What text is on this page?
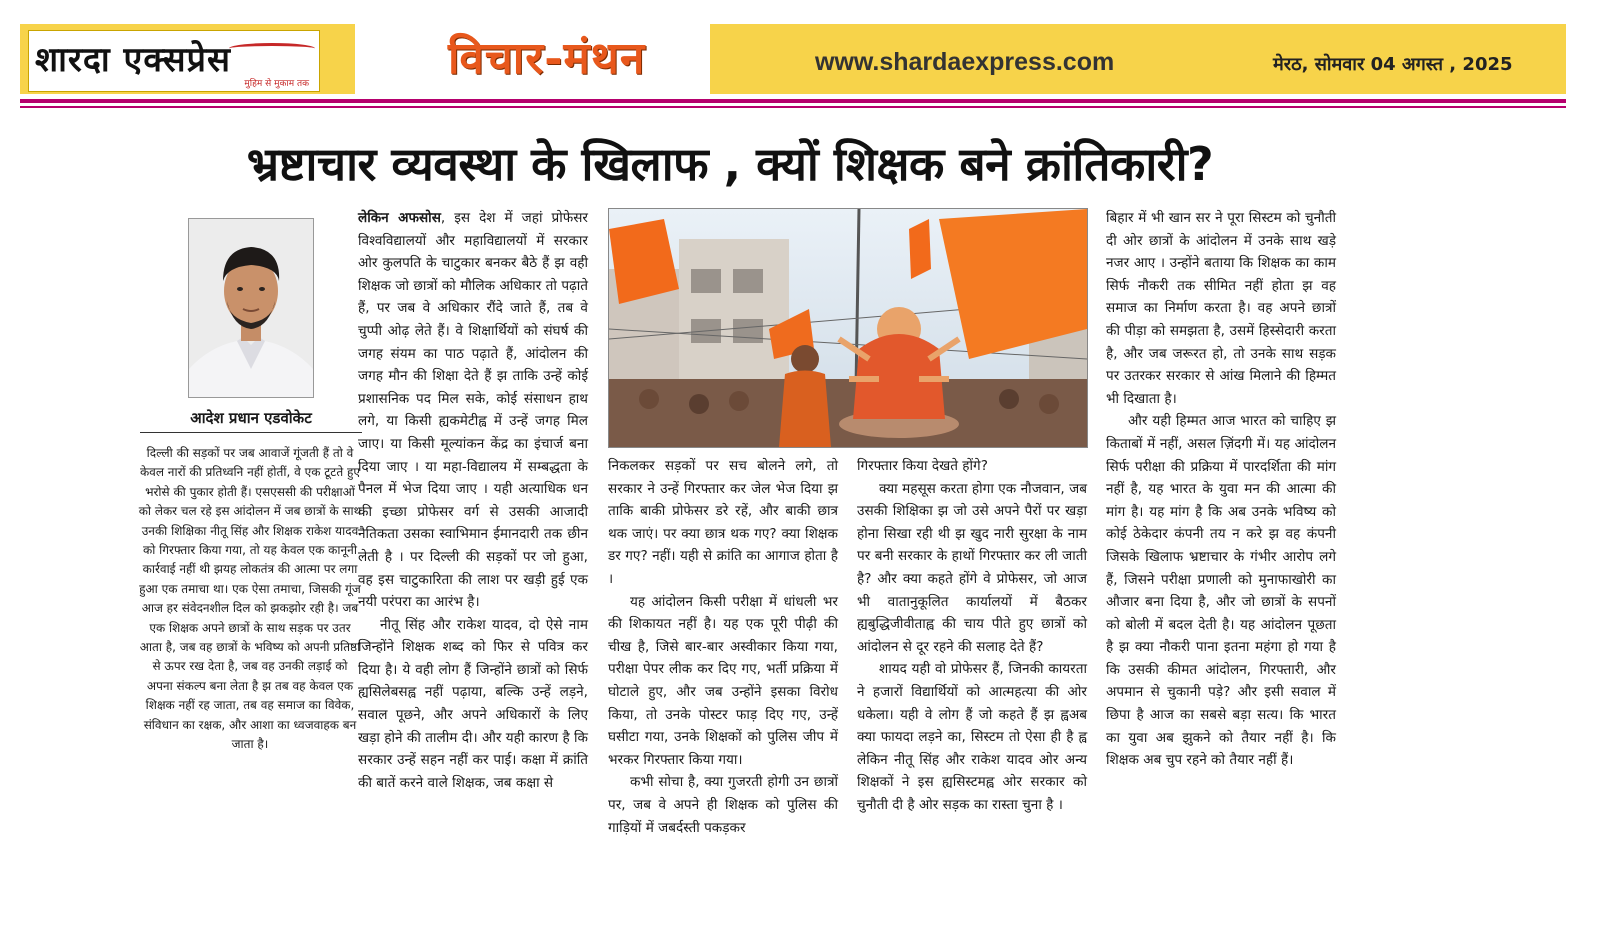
शारदा एक्सप्रेस
मुहिम से मुकाम तक	विचार-मंथन	www.shardaexpress.com	मेरठ, सोमवार 04 अगस्त , 2025
भ्रष्टाचार व्यवस्था के खिलाफ , क्यों शिक्षक बने क्रांतिकारी?
आदेश प्रधान एडवोकेट

दिल्ली की सड़कों पर जब आवाजें गूंजती हैं तो वे केवल नारों की प्रतिध्वनि नहीं होतीं, वे एक टूटते हुए भरोसे की पुकार होती हैं। एसएससी की परीक्षाओं को लेकर चल रहे इस आंदोलन में जब छात्रों के साथ उनकी शिक्षिका नीतू सिंह और शिक्षक राकेश यादव को गिरफ्तार किया गया, तो यह केवल एक कानूनी कार्रवाई नहीं थी झयह लोकतंत्र की आत्मा पर लगा हुआ एक तमाचा था। एक ऐसा तमाचा, जिसकी गूंज आज हर संवेदनशील दिल को झकझोर रही है। जब एक शिक्षक अपने छात्रों के साथ सड़क पर उतर आता है, जब वह छात्रों के भविष्य को अपनी प्रतिष्ठा से ऊपर रख देता है, जब वह उनकी लड़ाई को अपना संकल्प बना लेता है झ तब वह केवल एक शिक्षक नहीं रह जाता, तब वह समाज का विवेक, संविधान का रक्षक, और आशा का ध्वजवाहक बन जाता है।

लेकिन अफसोस, इस देश में जहां प्रोफेसर विश्वविद्यालयों और महाविद्यालयों में सरकार ओर कुलपति के चाटुकार बनकर बैठे हैं झ वही शिक्षक जो छात्रों को मौलिक अधिकार तो पढ़ाते हैं, पर जब वे अधिकार रौंदे जाते हैं, तब वे चुप्पी ओढ़ लेते हैं। वे शिक्षार्थियों को संघर्ष की जगह संयम का पाठ पढ़ाते हैं, आंदोलन की जगह मौन की शिक्षा देते हैं झ ताकि उन्हें कोई प्रशासनिक पद मिल सके, कोई संसाधन हाथ लगे, या किसी ह्यकमेटीह्व में उन्हें जगह मिल जाए। या किसी मूल्यांकन केंद्र का इंचार्ज बना दिया जाए । या महा-विद्यालय में सम्बद्धता के पैनल में भेज दिया जाए । यही अत्याधिक धन की इच्छा प्रोफेसर वर्ग से उसकी आजादी नैतिकता उसका स्वाभिमान ईमानदारी तक छीन लेती है । पर दिल्ली की सड़कों पर जो हुआ, वह इस चाटुकारिता की लाश पर खड़ी हुई एक नयी परंपरा का आरंभ है।

नीतू सिंह और राकेश यादव, दो ऐसे नाम जिन्होंने शिक्षक शब्द को फिर से पवित्र कर दिया है। ये वही लोग हैं जिन्होंने छात्रों को सिर्फ ह्यसिलेबसह्व नहीं पढ़ाया, बल्कि उन्हें लड़ने, सवाल पूछने, और अपने अधिकारों के लिए खड़ा होने की तालीम दी। और यही कारण है कि सरकार उन्हें सहन नहीं कर पाई। कक्षा में क्रांति की बातें करने वाले शिक्षक, जब कक्षा से

निकलकर सड़कों पर सच बोलने लगे, तो सरकार ने उन्हें गिरफ्तार कर जेल भेज दिया झ ताकि बाकी प्रोफेसर डरे रहें, और बाकी छात्र थक जाएं। पर क्या छात्र थक गए? क्या शिक्षक डर गए? नहीं। यही से क्रांति का आगाज होता है ।

यह आंदोलन किसी परीक्षा में धांधली भर की शिकायत नहीं है। यह एक पूरी पीढ़ी की चीख है, जिसे बार-बार अस्वीकार किया गया, परीक्षा पेपर लीक कर दिए गए, भर्ती प्रक्रिया में घोटाले हुए, और जब उन्होंने इसका विरोध किया, तो उनके पोस्टर फाड़ दिए गए, उन्हें घसीटा गया, उनके शिक्षकों को पुलिस जीप में भरकर गिरफ्तार किया गया।

कभी सोचा है, क्या गुजरती होगी उन छात्रों पर, जब वे अपने ही शिक्षक को पुलिस की गाड़ियों में जबर्दस्ती पकड़कर

गिरफ्तार किया देखते होंगे?

क्या महसूस करता होगा एक नौजवान, जब उसकी शिक्षिका झ जो उसे अपने पैरों पर खड़ा होना सिखा रही थी झ खुद नारी सुरक्षा के नाम पर बनी सरकार के हाथों गिरफ्तार कर ली जाती है? और क्या कहते होंगे वे प्रोफेसर, जो आज भी वातानुकूलित कार्यालयों में बैठकर ह्यबुद्धिजीवीताह्व की चाय पीते हुए छात्रों को आंदोलन से दूर रहने की सलाह देते हैं?

शायद यही वो प्रोफेसर हैं, जिनकी कायरता ने हजारों विद्यार्थियों को आत्महत्या की ओर धकेला। यही वे लोग हैं जो कहते हैं झ ह्वअब क्या फायदा लड़ने का, सिस्टम तो ऐसा ही है ह्व लेकिन नीतू सिंह और राकेश यादव ओर अन्य शिक्षकों ने इस ह्यसिस्टमह्व ओर सरकार को चुनौती दी है ओर सड़क का रास्ता चुना है ।

बिहार में भी खान सर ने पूरा सिस्टम को चुनौती दी ओर छात्रों के आंदोलन में उनके साथ खड़े नजर आए । उन्होंने बताया कि शिक्षक का काम सिर्फ नौकरी तक सीमित नहीं होता झ वह समाज का निर्माण करता है। वह अपने छात्रों की पीड़ा को समझता है, उसमें हिस्सेदारी करता है, और जब जरूरत हो, तो उनके साथ सड़क पर उतरकर सरकार से आंख मिलाने की हिम्मत भी दिखाता है।

और यही हिम्मत आज भारत को चाहिए झ किताबों में नहीं, असल ज़िंदगी में। यह आंदोलन सिर्फ परीक्षा की प्रक्रिया में पारदर्शिता की मांग नहीं है, यह भारत के युवा मन की आत्मा की मांग है। यह मांग है कि अब उनके भविष्य को कोई ठेकेदार कंपनी तय न करे झ वह कंपनी जिसके खिलाफ भ्रष्टाचार के गंभीर आरोप लगे हैं, जिसने परीक्षा प्रणाली को मुनाफाखोरी का औजार बना दिया है, और जो छात्रों के सपनों को बोली में बदल देती है। यह आंदोलन पूछता है झ क्या नौकरी पाना इतना महंगा हो गया है कि उसकी कीमत आंदोलन, गिरफ्तारी, और अपमान से चुकानी पड़े? और इसी सवाल में छिपा है आज का सबसे बड़ा सत्य। कि भारत का युवा अब झुकने को तैयार नहीं है। कि शिक्षक अब चुप रहने को तैयार नहीं हैं।
